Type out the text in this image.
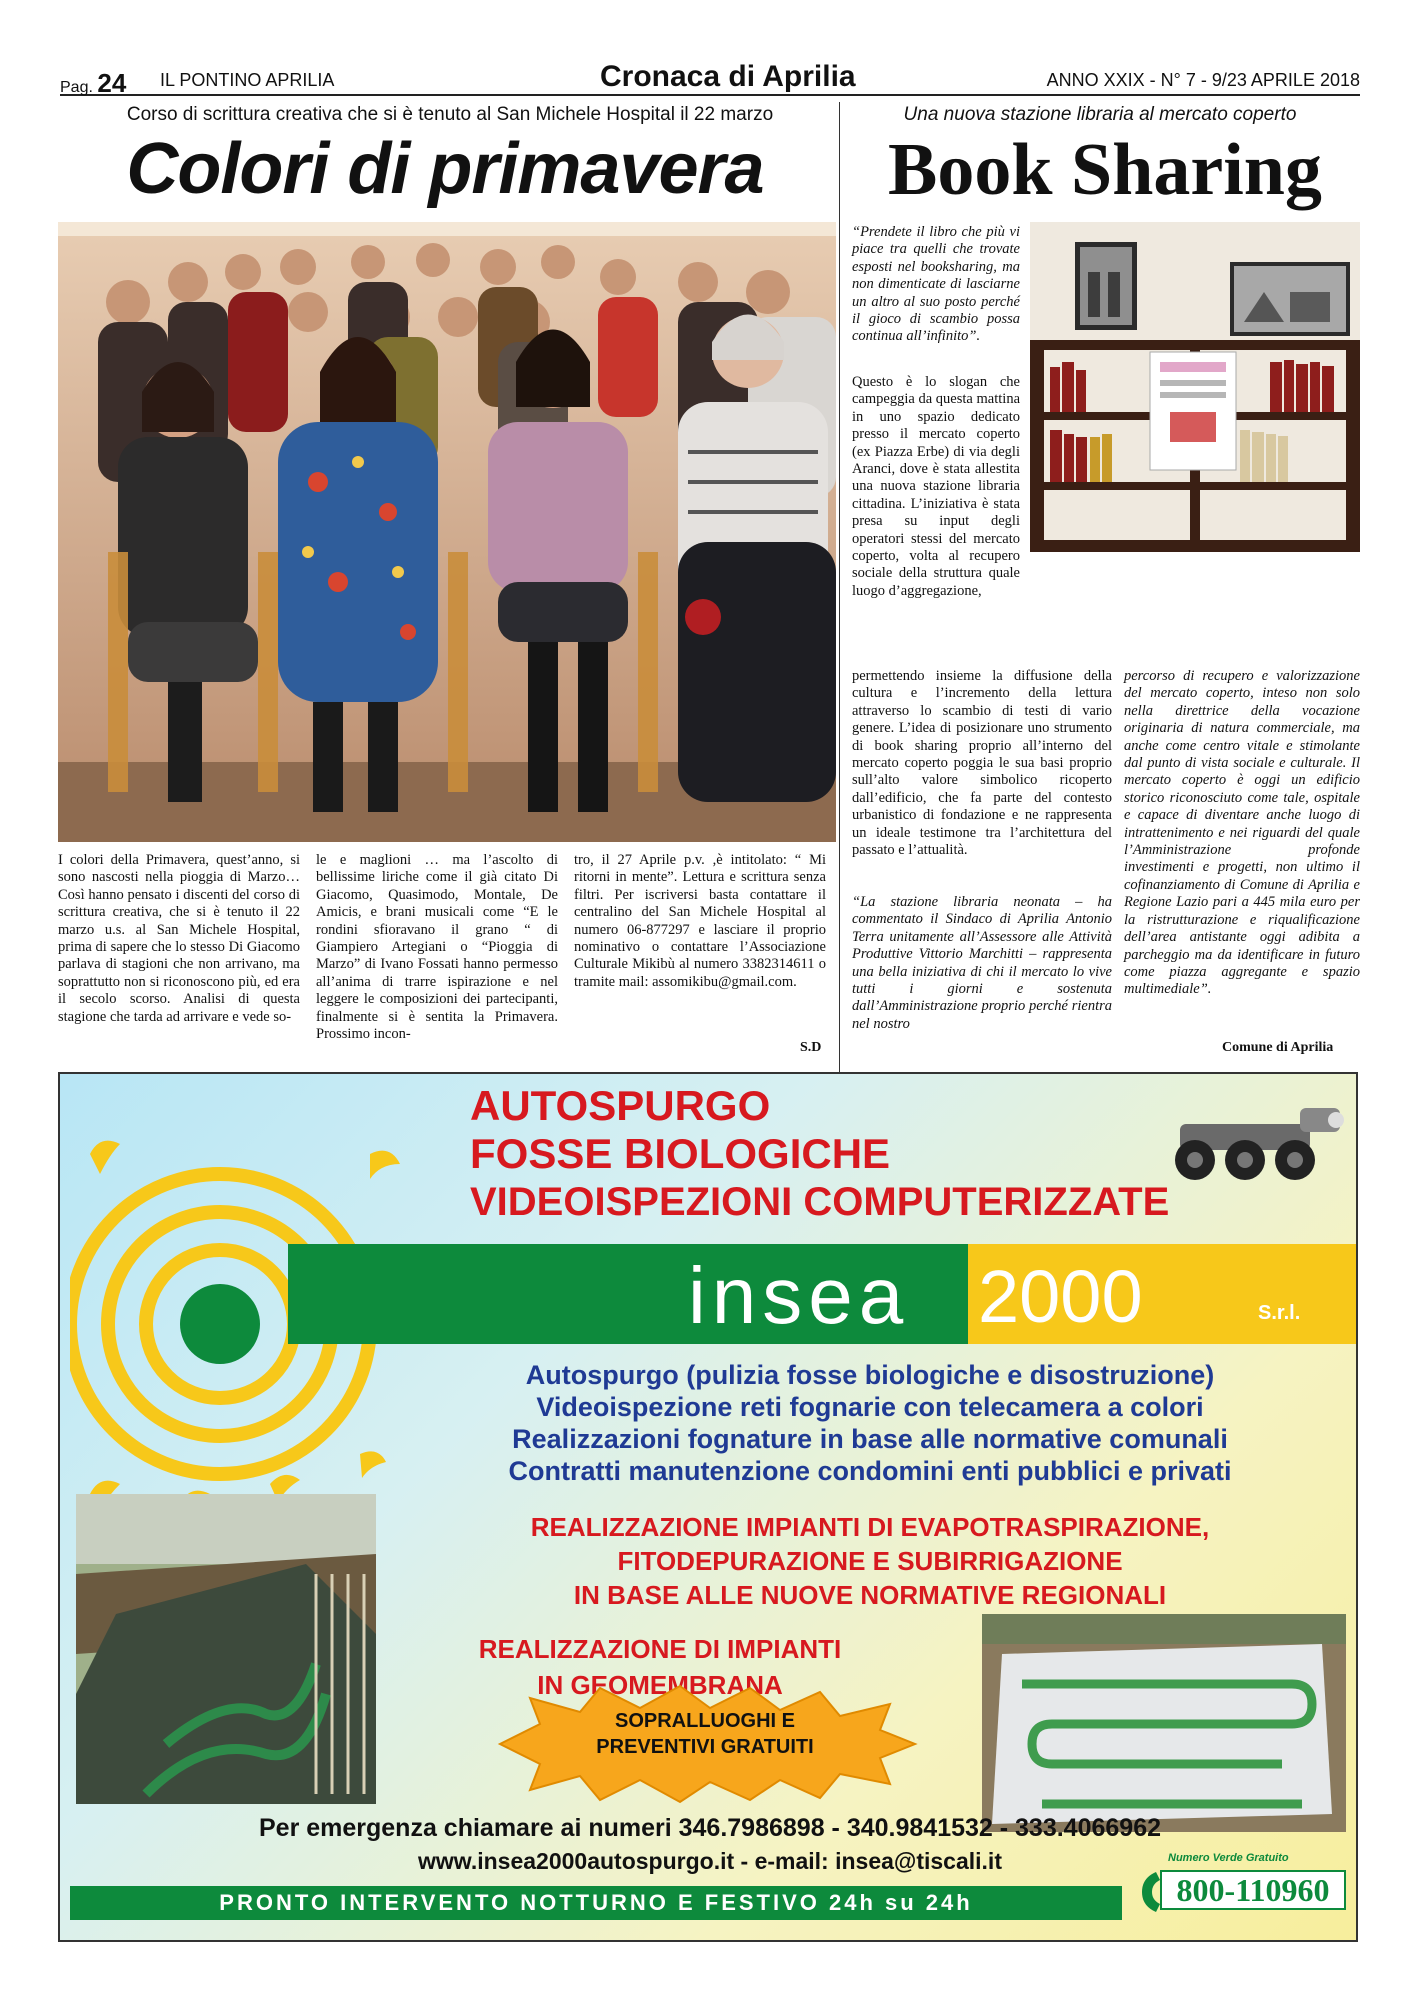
Pag. 24 IL PONTINO APRILIA	Cronaca di Aprilia	ANNO XXIX - N° 7 - 9/23 APRILE 2018
Corso di scrittura creativa che si è tenuto al San Michele Hospital il 22 marzo
Colori di primavera
I colori della Primavera, quest’anno, si sono nascosti nella pioggia di Marzo… Così hanno pensato i discenti del corso di scrittura creativa, che si è tenuto il 22 marzo u.s. al San Michele Hospital, prima di sapere che lo stesso Di Giacomo parlava di stagioni che non arrivano, ma soprattutto non si riconoscono più, ed era il secolo scorso. Analisi di questa stagione che tarda ad arrivare e vede so-
le e maglioni … ma l’ascolto di bellissime liriche come il già citato Di Giacomo, Quasimodo, Montale, De Amicis, e brani musicali come “E le rondini sfioravano il grano “ di Giampiero Artegiani o “Pioggia di Marzo” di Ivano Fossati hanno permesso all’anima di trarre ispirazione e nel leggere le composizioni dei partecipanti, finalmente si è sentita la Primavera. Prossimo incon-
tro, il 27 Aprile p.v. ,è intitolato: “ Mi ritorni in mente”. Lettura e scrittura senza filtri. Per iscriversi basta contattare il centralino del San Michele Hospital al numero 06-877297 e lasciare il proprio nominativo o contattare l’Associazione Culturale Mikibù al numero 3382314611 o tramite mail: assomikibu@gmail.com.
S.D
Una nuova stazione libraria al mercato coperto
Book Sharing
“Prendete il libro che più vi piace tra quelli che trovate esposti nel booksharing, ma non dimenticate di lasciarne un altro al suo posto perché il gioco di scambio possa continua all’infinito”.
Questo è lo slogan che campeggia da questa mattina in uno spazio dedicato presso il mercato coperto (ex Piazza Erbe) di via degli Aranci, dove è stata allestita una nuova stazione libraria cittadina. L’iniziativa è stata presa su input degli operatori stessi del mercato coperto, volta al recupero sociale della struttura quale luogo d’aggregazione,
permettendo insieme la diffusione della cultura e l’incremento della lettura attraverso lo scambio di testi di vario genere. L’idea di posizionare uno strumento di book sharing proprio all’interno del mercato coperto poggia le sua basi proprio sull’alto valore simbolico ricoperto dall’edificio, che fa parte del contesto urbanistico di fondazione e ne rappresenta un ideale testimone tra l’architettura del passato e l’attualità.
“La stazione libraria neonata – ha commentato il Sindaco di Aprilia Antonio Terra unitamente all’Assessore alle Attività Produttive Vittorio Marchitti – rappresenta una bella iniziativa di chi il mercato lo vive tutti i giorni e sostenuta dall’Amministrazione proprio perché rientra nel nostro
percorso di recupero e valorizzazione del mercato coperto, inteso non solo nella direttrice della vocazione originaria di natura commerciale, ma anche come centro vitale e stimolante dal punto di vista sociale e culturale. Il mercato coperto è oggi un edificio storico riconosciuto come tale, ospitale e capace di diventare anche luogo di intrattenimento e nei riguardi del quale l’Amministrazione profonde investimenti e progetti, non ultimo il cofinanziamento di Comune di Aprilia e Regione Lazio pari a 445 mila euro per la ristrutturazione e riqualificazione dell’area antistante oggi adibita a parcheggio ma da identificare in futuro come piazza aggregante e spazio multimediale”.
Comune di Aprilia
AUTOSPURGO
FOSSE BIOLOGICHE
VIDEOISPEZIONI COMPUTERIZZATE
insea 2000	S.r.l.
Autospurgo (pulizia fosse biologiche e disostruzione)
Videoispezione reti fognarie con telecamera a colori
Realizzazioni fognature in base alle normative comunali
Contratti manutenzione condomini enti pubblici e privati
REALIZZAZIONE IMPIANTI DI EVAPOTRASPIRAZIONE,
FITODEPURAZIONE E SUBIRRIGAZIONE
IN BASE ALLE NUOVE NORMATIVE REGIONALI
REALIZZAZIONE DI IMPIANTI
IN GEOMEMBRANA
SOPRALLUOGHI E
PREVENTIVI GRATUITI
Per emergenza chiamare ai numeri 346.7986898 - 340.9841532 - 333.4066962
www.insea2000autospurgo.it - e-mail: insea@tiscali.it
PRONTO INTERVENTO NOTTURNO E FESTIVO 24h su 24h
Numero Verde Gratuito
800-110960
